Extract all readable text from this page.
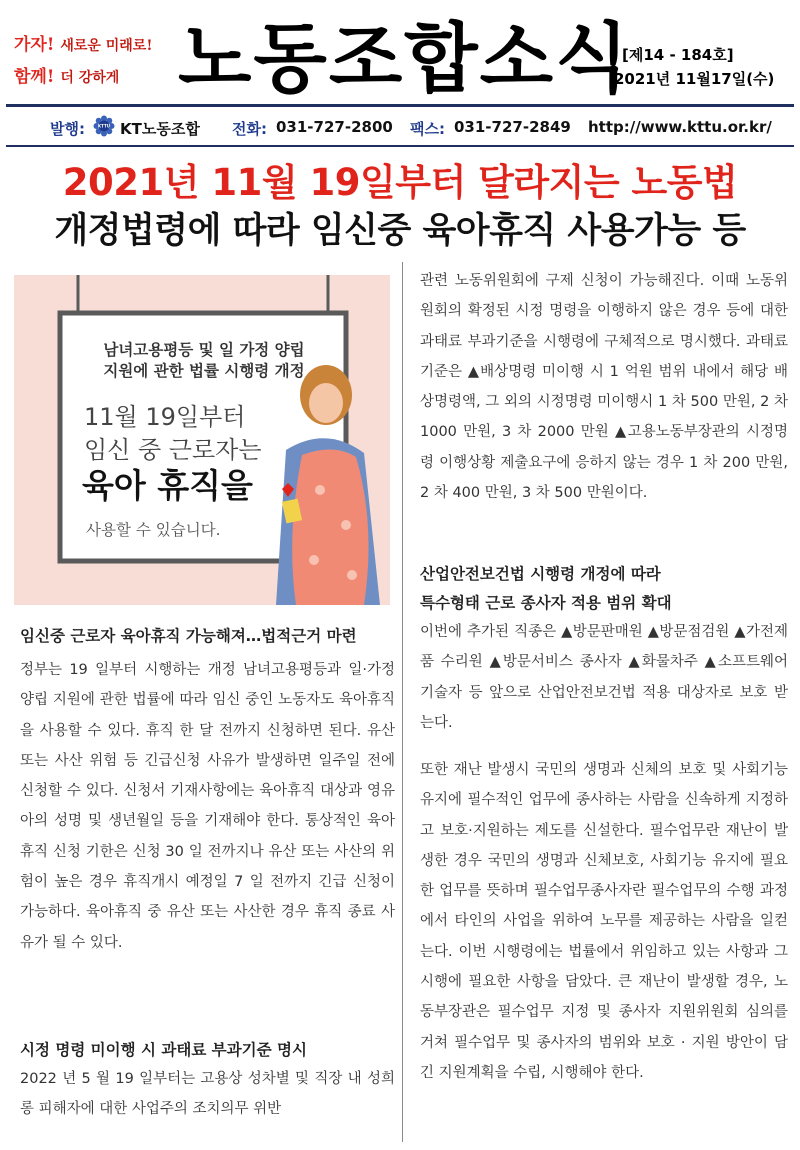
가자! 새로운 미래로!
함께! 더 강하게 노동조합소식
[제14 - 184호]
2021년 11월17일(수)
발행:	KTTU KT노동조합 전화: 031-727-2800 팩스: 031-727-2849 http://www.kttu.or.kr/
2021년 11월 19일부터 달라지는 노동법
개정법령에 따라 임신중 육아휴직 사용가능 등
남녀고용평등 및 일 가정 양립
지원에 관한 법률 시행령 개정
11월 19일부터
임신 중 근로자는
육아 휴직을
사용할 수 있습니다.
임신중 근로자 육아휴직 가능해져…법적근거 마련

정부는 19 일부터 시행하는 개정 남녀고용평등과 일·가정 양립 지원에 관한 법률에 따라 임신 중인 노동자도 육아휴직을 사용할 수 있다. 휴직 한 달 전까지 신청하면 된다. 유산 또는 사산 위험 등 긴급신청 사유가 발생하면 일주일 전에 신청할 수 있다. 신청서 기재사항에는 육아휴직 대상과 영유아의 성명 및 생년월일 등을 기재해야 한다. 통상적인 육아휴직 신청 기한은 신청 30 일 전까지나 유산 또는 사산의 위험이 높은 경우 휴직개시 예정일 7 일 전까지 긴급 신청이 가능하다. 육아휴직 중 유산 또는 사산한 경우 휴직 종료 사유가 될 수 있다.

시정 명령 미이행 시 과태료 부과기준 명시

2022 년 5 월 19 일부터는 고용상 성차별 및 직장 내 성희롱 피해자에 대한 사업주의 조치의무 위반

관련 노동위원회에 구제 신청이 가능해진다. 이때 노동위원회의 확정된 시정 명령을 이행하지 않은 경우 등에 대한 과태료 부과기준을 시행령에 구체적으로 명시했다. 과태료 기준은 ▲배상명령 미이행 시 1 억원 범위 내에서 해당 배상명령액, 그 외의 시정명령 미이행시 1 차 500 만원, 2 차 1000 만원, 3 차 2000 만원 ▲고용노동부장관의 시정명령 이행상황 제출요구에 응하지 않는 경우 1 차 200 만원, 2 차 400 만원, 3 차 500 만원이다.

산업안전보건법 시행령 개정에 따라
특수형태 근로 종사자 적용 범위 확대

이번에 추가된 직종은 ▲방문판매원 ▲방문점검원 ▲가전제품 수리원 ▲방문서비스 종사자 ▲화물차주 ▲소프트웨어 기술자 등 앞으로 산업안전보건법 적용 대상자로 보호 받는다.

또한 재난 발생시 국민의 생명과 신체의 보호 및 사회기능 유지에 필수적인 업무에 종사하는 사람을 신속하게 지정하고 보호·지원하는 제도를 신설한다. 필수업무란 재난이 발생한 경우 국민의 생명과 신체보호, 사회기능 유지에 필요한 업무를 뜻하며 필수업무종사자란 필수업무의 수행 과정에서 타인의 사업을 위하여 노무를 제공하는 사람을 일컫는다. 이번 시행령에는 법률에서 위임하고 있는 사항과 그 시행에 필요한 사항을 담았다. 큰 재난이 발생할 경우, 노동부장관은 필수업무 지정 및 종사자 지원위원회 심의를 거쳐 필수업무 및 종사자의 범위와 보호 · 지원 방안이 담긴 지원계획을 수립, 시행해야 한다.
